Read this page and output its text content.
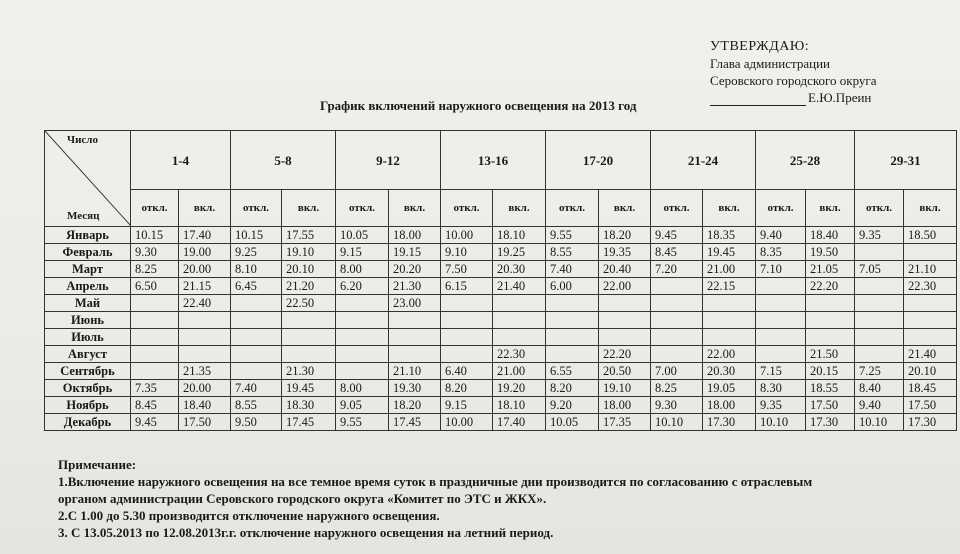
УТВЕРЖДАЮ:
Глава администрации
Серовского городского округа
Е.Ю.Преин
График включений наружного освещения на 2013 год
Число
Месяц	1-4		5-8		9-12		13-16		17-20		21-24		25-28		29-31	
	откл.	вкл.	откл.	вкл.	откл.	вкл.	откл.	вкл.	откл.	вкл.	откл.	вкл.	откл.	вкл.	откл.	вкл.
Январь	10.15	17.40	10.15	17.55	10.05	18.00	10.00	18.10	9.55	18.20	9.45	18.35	9.40	18.40	9.35	18.50
Февраль	9.30	19.00	9.25	19.10	9.15	19.15	9.10	19.25	8.55	19.35	8.45	19.45	8.35	19.50		
Март	8.25	20.00	8.10	20.10	8.00	20.20	7.50	20.30	7.40	20.40	7.20	21.00	7.10	21.05	7.05	21.10
Апрель	6.50	21.15	6.45	21.20	6.20	21.30	6.15	21.40	6.00	22.00		22.15		22.20		22.30
Май		22.40		22.50		23.00										
Июнь																
Июль																
Август								22.30		22.20		22.00		21.50		21.40
Сентябрь		21.35		21.30		21.10	6.40	21.00	6.55	20.50	7.00	20.30	7.15	20.15	7.25	20.10
Октябрь	7.35	20.00	7.40	19.45	8.00	19.30	8.20	19.20	8.20	19.10	8.25	19.05	8.30	18.55	8.40	18.45
Ноябрь	8.45	18.40	8.55	18.30	9.05	18.20	9.15	18.10	9.20	18.00	9.30	18.00	9.35	17.50	9.40	17.50
Декабрь	9.45	17.50	9.50	17.45	9.55	17.45	10.00	17.40	10.05	17.35	10.10	17.30	10.10	17.30	10.10	17.30
Примечание:
1.Включение наружного освещения на все темное время суток в праздничные дни производится по согласованию с отраслевым
органом администрации Серовского городского округа «Комитет по ЭТС и ЖКХ».
2.С 1.00 до 5.30 производится отключение наружного освещения.
3. С 13.05.2013 по 12.08.2013г.г. отключение наружного освещения на летний период.
